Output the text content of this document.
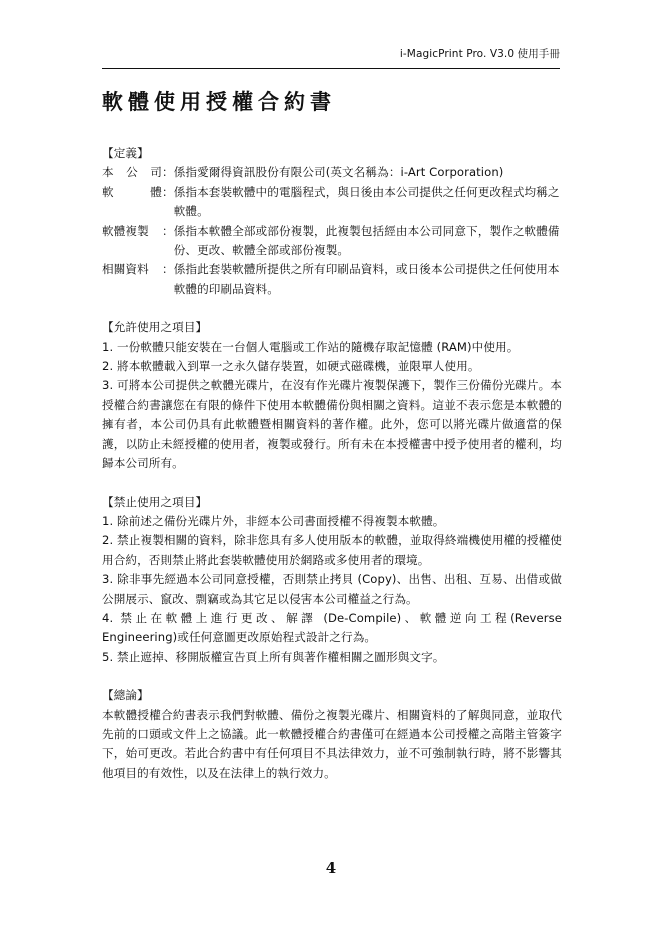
i-MagicPrint Pro. V3.0 使用手冊
軟體使用授權合約書
【定義】
本 公 司 ： 係指愛爾得資訊股份有限公司(英文名稱為：i-Art Corporation)
軟	體 ： 係指本套裝軟體中的電腦程式，與日後由本公司提供之任何更改程式均稱之軟體。
軟體複製	： 係指本軟體全部或部份複製，此複製包括經由本公司同意下，製作之軟體備份、更改、軟體全部或部份複製。
相關資料	： 係指此套裝軟體所提供之所有印刷品資料，或日後本公司提供之任何使用本軟體的印刷品資料。
【允許使用之項目】
1. 一份軟體只能安裝在一台個人電腦或工作站的隨機存取記憶體 (RAM)中使用。
2. 將本軟體載入到單一之永久儲存裝置，如硬式磁碟機，並限單人使用。
3. 可將本公司提供之軟體光碟片，在沒有作光碟片複製保護下，製作三份備份光碟片。本授權合約書讓您在有限的條件下使用本軟體備份與相關之資料。這並不表示您是本軟體的擁有者，本公司仍具有此軟體暨相關資料的著作權。此外，您可以將光碟片做適當的保護，以防止未經授權的使用者，複製或發行。所有未在本授權書中授予使用者的權利，均歸本公司所有。
【禁止使用之項目】
1. 除前述之備份光碟片外，非經本公司書面授權不得複製本軟體。
2. 禁止複製相關的資料，除非您具有多人使用版本的軟體，並取得終端機使用權的授權使用合約，否則禁止將此套裝軟體使用於網路或多使用者的環境。
3. 除非事先經過本公司同意授權，否則禁止拷貝 (Copy)、出售、出租、互易、出借或做公開展示、竄改、剽竊或為其它足以侵害本公司權益之行為。
4. 禁止在軟體上進行更改、解譯 (De-Compile)、軟體逆向工程(Reverse Engineering)或任何意圖更改原始程式設計之行為。
5. 禁止遮掉、移開版權宣告頁上所有與著作權相關之圖形與文字。
【總論】
本軟體授權合約書表示我們對軟體、備份之複製光碟片、相關資料的了解與同意，並取代先前的口頭或文件上之協議。此一軟體授權合約書僅可在經過本公司授權之高階主管簽字下，始可更改。若此合約書中有任何項目不具法律效力，並不可強制執行時，將不影響其他項目的有效性，以及在法律上的執行效力。
4
